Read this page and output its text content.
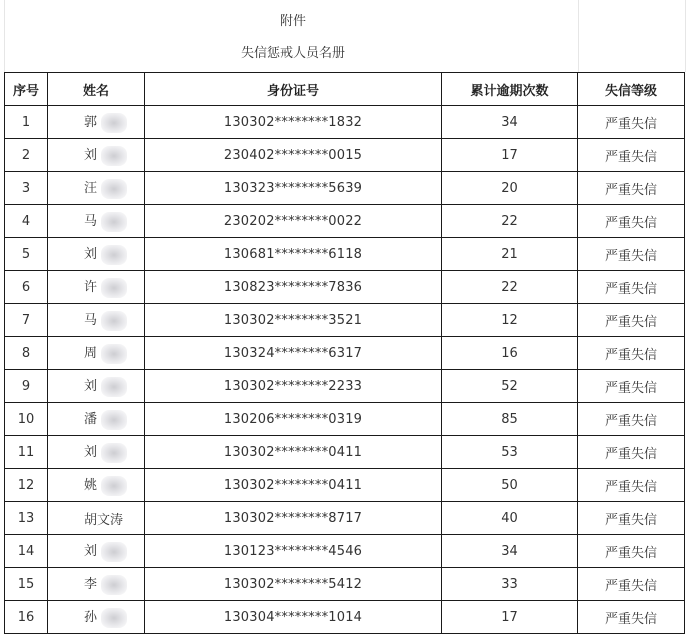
附件
失信惩戒人员名册
序号	姓名	身份证号	累计逾期次数	失信等级
1	郭	130302********1832	34	严重失信
2	刘	230402********0015	17	严重失信
3	汪	130323********5639	20	严重失信
4	马	230202********0022	22	严重失信
5	刘	130681********6118	21	严重失信
6	许	130823********7836	22	严重失信
7	马	130302********3521	12	严重失信
8	周	130324********6317	16	严重失信
9	刘	130302********2233	52	严重失信
10	潘	130206********0319	85	严重失信
11	刘	130302********0411	53	严重失信
12	姚	130302********0411	50	严重失信
13	胡文涛	130302********8717	40	严重失信
14	刘	130123********4546	34	严重失信
15	李	130302********5412	33	严重失信
16	孙	130304********1014	17	严重失信
